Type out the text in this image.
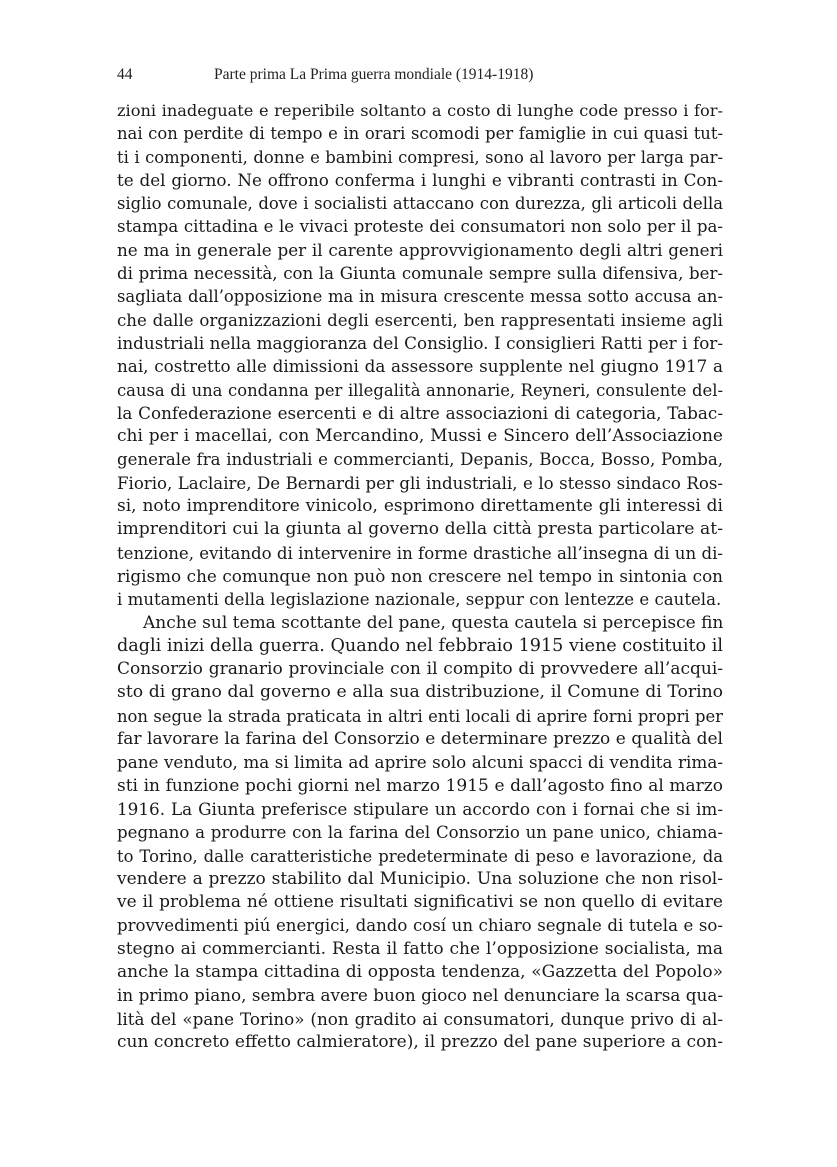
44	Parte prima La Prima guerra mondiale (1914-1918)
zioni inadeguate e reperibile soltanto a costo di lunghe code presso i for-
nai con perdite di tempo e in orari scomodi per famiglie in cui quasi tut-
ti i componenti, donne e bambini compresi, sono al lavoro per larga par-
te del giorno. Ne offrono conferma i lunghi e vibranti contrasti in Con-
siglio comunale, dove i socialisti attaccano con durezza, gli articoli della
stampa cittadina e le vivaci proteste dei consumatori non solo per il pa-
ne ma in generale per il carente approvvigionamento degli altri generi
di prima necessità, con la Giunta comunale sempre sulla difensiva, ber-
sagliata dall’opposizione ma in misura crescente messa sotto accusa an-
che dalle organizzazioni degli esercenti, ben rappresentati insieme agli
industriali nella maggioranza del Consiglio. I consiglieri Ratti per i for-
nai, costretto alle dimissioni da assessore supplente nel giugno 1917 a
causa di una condanna per illegalità annonarie, Reyneri, consulente del-
la Confederazione esercenti e di altre associazioni di categoria, Tabac-
chi per i macellai, con Mercandino, Mussi e Sincero dell’Associazione
generale fra industriali e commercianti, Depanis, Bocca, Bosso, Pomba,
Fiorio, Laclaire, De Bernardi per gli industriali, e lo stesso sindaco Ros-
si, noto imprenditore vinicolo, esprimono direttamente gli interessi di
imprenditori cui la giunta al governo della città presta particolare at-
tenzione, evitando di intervenire in forme drastiche all’insegna di un di-
rigismo che comunque non può non crescere nel tempo in sintonia con
i mutamenti della legislazione nazionale, seppur con lentezze e cautela.
Anche sul tema scottante del pane, questa cautela si percepisce fin
dagli inizi della guerra. Quando nel febbraio 1915 viene costituito il
Consorzio granario provinciale con il compito di provvedere all’acqui-
sto di grano dal governo e alla sua distribuzione, il Comune di Torino
non segue la strada praticata in altri enti locali di aprire forni propri per
far lavorare la farina del Consorzio e determinare prezzo e qualità del
pane venduto, ma si limita ad aprire solo alcuni spacci di vendita rima-
sti in funzione pochi giorni nel marzo 1915 e dall’agosto fino al marzo
1916. La Giunta preferisce stipulare un accordo con i fornai che si im-
pegnano a produrre con la farina del Consorzio un pane unico, chiama-
to Torino, dalle caratteristiche predeterminate di peso e lavorazione, da
vendere a prezzo stabilito dal Municipio. Una soluzione che non risol-
ve il problema né ottiene risultati significativi se non quello di evitare
provvedimenti piú energici, dando cosí un chiaro segnale di tutela e so-
stegno ai commercianti. Resta il fatto che l’opposizione socialista, ma
anche la stampa cittadina di opposta tendenza, «Gazzetta del Popolo»
in primo piano, sembra avere buon gioco nel denunciare la scarsa qua-
lità del «pane Torino» (non gradito ai consumatori, dunque privo di al-
cun concreto effetto calmieratore), il prezzo del pane superiore a con-
